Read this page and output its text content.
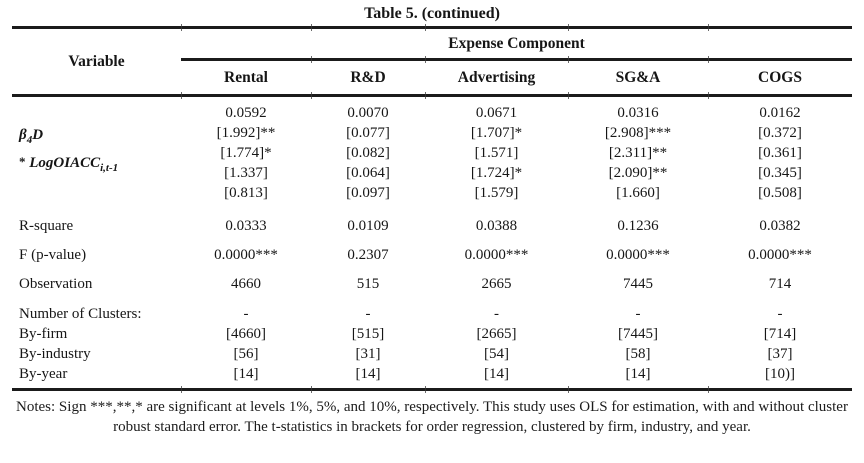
Table 5. (continued)
Variable
Expense Component
Rental	R&D	Advertising	SG&A	COGS
$\beta_4D$
* LogOIACC$_{i,t-1}$
0.0592	0.0070	0.0671	0.0316	0.0162
[1.992]**	[0.077]	[1.707]*	[2.908]***	[0.372]
[1.774]*	[0.082]	[1.571]	[2.311]**	[0.361]
[1.337]	[0.064]	[1.724]*	[2.090]**	[0.345]
[0.813]	[0.097]	[1.579]	[1.660]	[0.508]
R-square	0.0333	0.0109	0.0388	0.1236	0.0382
F (p-value)	0.0000***	0.2307	0.0000***	0.0000***	0.0000***
Observation	4660	515	2665	7445	714
Number of Clusters:	-	-	-	-	-
By-firm	[4660]	[515]	[2665]	[7445]	[714]
By-industry	[56]	[31]	[54]	[58]	[37]
By-year	[14]	[14]	[14]	[14]	[10)]
Notes: Sign ***,**,* are significant at levels 1%, 5%, and 10%, respectively. This study uses OLS for estimation, with and without cluster robust standard error. The t-statistics in brackets for order regression, clustered by firm, industry, and year.
